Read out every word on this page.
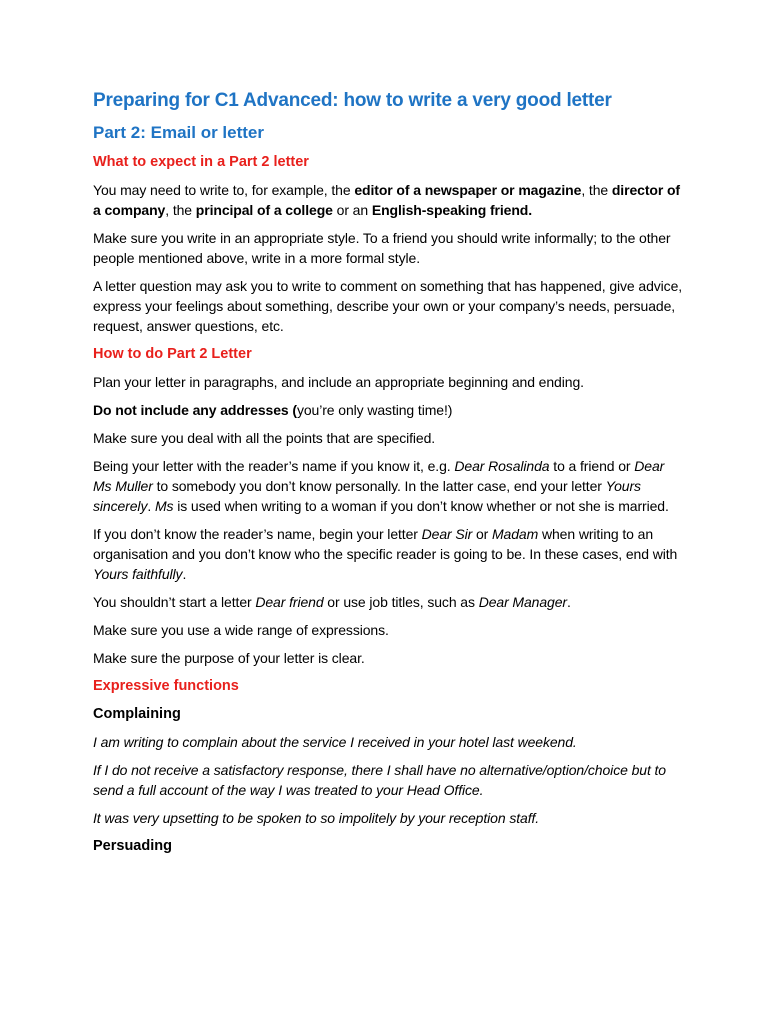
Preparing for C1 Advanced: how to write a very good letter
Part 2: Email or letter
What to expect in a Part 2 letter

You may need to write to, for example, the editor of a newspaper or magazine, the director of a company, the principal of a college or an English-speaking friend.

Make sure you write in an appropriate style. To a friend you should write informally; to the other people mentioned above, write in a more formal style.

A letter question may ask you to write to comment on something that has happened, give advice, express your feelings about something, describe your own or your company’s needs, persuade, request, answer questions, etc.

How to do Part 2 Letter

Plan your letter in paragraphs, and include an appropriate beginning and ending.

Do not include any addresses (you’re only wasting time!)

Make sure you deal with all the points that are specified.

Being your letter with the reader’s name if you know it, e.g. Dear Rosalinda to a friend or Dear Ms Muller to somebody you don’t know personally. In the latter case, end your letter Yours sincerely. Ms is used when writing to a woman if you don’t know whether or not she is married.

If you don’t know the reader’s name, begin your letter Dear Sir or Madam when writing to an organisation and you don’t know who the specific reader is going to be. In these cases, end with Yours faithfully.

You shouldn’t start a letter Dear friend or use job titles, such as Dear Manager.

Make sure you use a wide range of expressions.

Make sure the purpose of your letter is clear.

Expressive functions
Complaining

I am writing to complain about the service I received in your hotel last weekend.

If I do not receive a satisfactory response, there I shall have no alternative/option/choice but to send a full account of the way I was treated to your Head Office.

It was very upsetting to be spoken to so impolitely by your reception staff.

Persuading
